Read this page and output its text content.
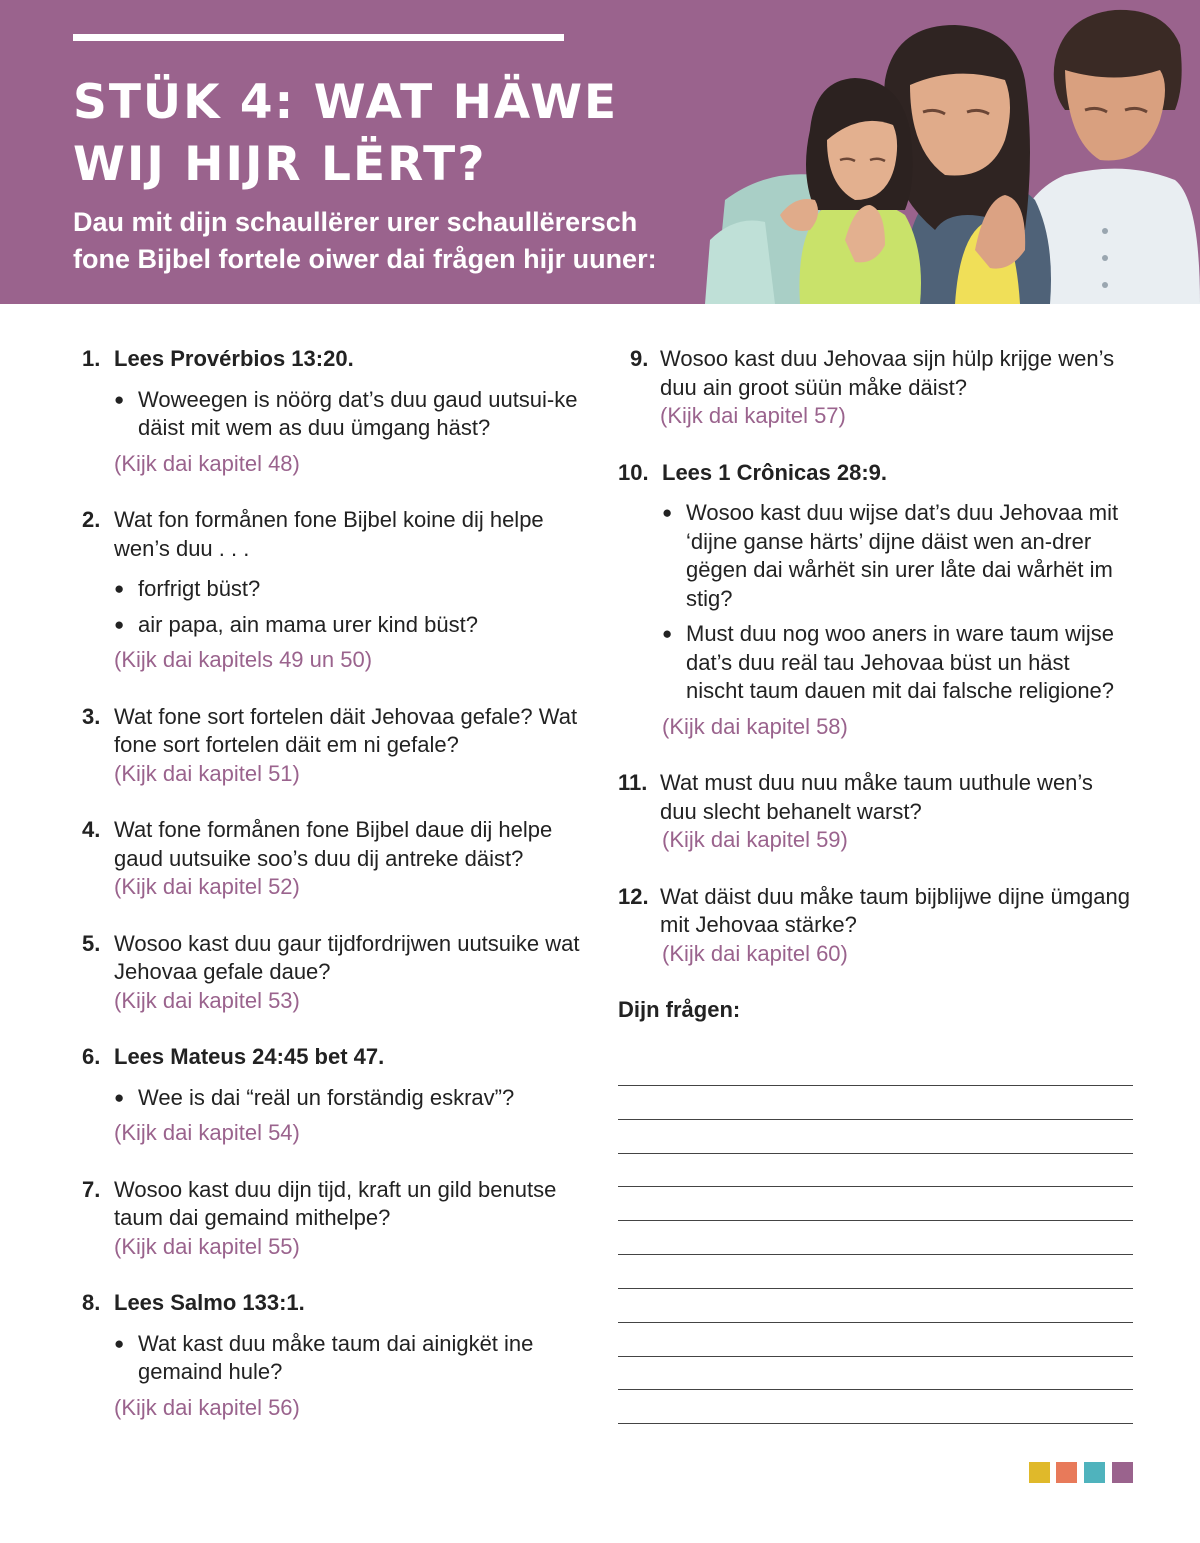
STÜK 4: WAT HÄWE
WIJ HIJR LËRT?
Dau mit dijn schaullërer urer schaullërersch
fone Bijbel fortele oiwer dai frågen hijr uuner:
1. Lees Provérbios 13:20.
● Woweegen is nöörg dat’s duu gaud uutsui-ke däist mit wem as duu ümgang häst?
(Kijk dai kapitel 48)
2. Wat fon formånen fone Bijbel koine dij helpe wen’s duu . . .
● forfrigt büst?
● air papa, ain mama urer kind büst?
(Kijk dai kapitels 49 un 50)
3. Wat fone sort fortelen däit Jehovaa gefale? Wat fone sort fortelen däit em ni gefale?
(Kijk dai kapitel 51)
4. Wat fone formånen fone Bijbel daue dij helpe gaud uutsuike soo’s duu dij antreke däist?
(Kijk dai kapitel 52)
5. Wosoo kast duu gaur tijdfordrijwen uutsuike wat Jehovaa gefale daue?
(Kijk dai kapitel 53)
6. Lees Mateus 24:45 bet 47.
● Wee is dai “reäl un forständig eskrav”?
(Kijk dai kapitel 54)
7. Wosoo kast duu dijn tijd, kraft un gild benutse taum dai gemaind mithelpe?
(Kijk dai kapitel 55)
8. Lees Salmo 133:1.
● Wat kast duu måke taum dai ainigkët ine gemaind hule?
(Kijk dai kapitel 56)
9. Wosoo kast duu Jehovaa sijn hülp krijge wen’s duu ain groot süün måke däist?
(Kijk dai kapitel 57)
10. Lees 1 Crônicas 28:9.
● Wosoo kast duu wijse dat’s duu Jehovaa mit ‘dijne ganse härts’ dijne däist wen an-drer gëgen dai wårhët sin urer låte dai wårhët im stig?
● Must duu nog woo aners in ware taum wijse dat’s duu reäl tau Jehovaa büst un häst nischt taum dauen mit dai falsche religione?
(Kijk dai kapitel 58)
11. Wat must duu nuu måke taum uuthule wen’s duu slecht behanelt warst?
(Kijk dai kapitel 59)
12. Wat däist duu måke taum bijblijwe dijne ümgang mit Jehovaa stärke?
(Kijk dai kapitel 60)
Dijn frågen:
